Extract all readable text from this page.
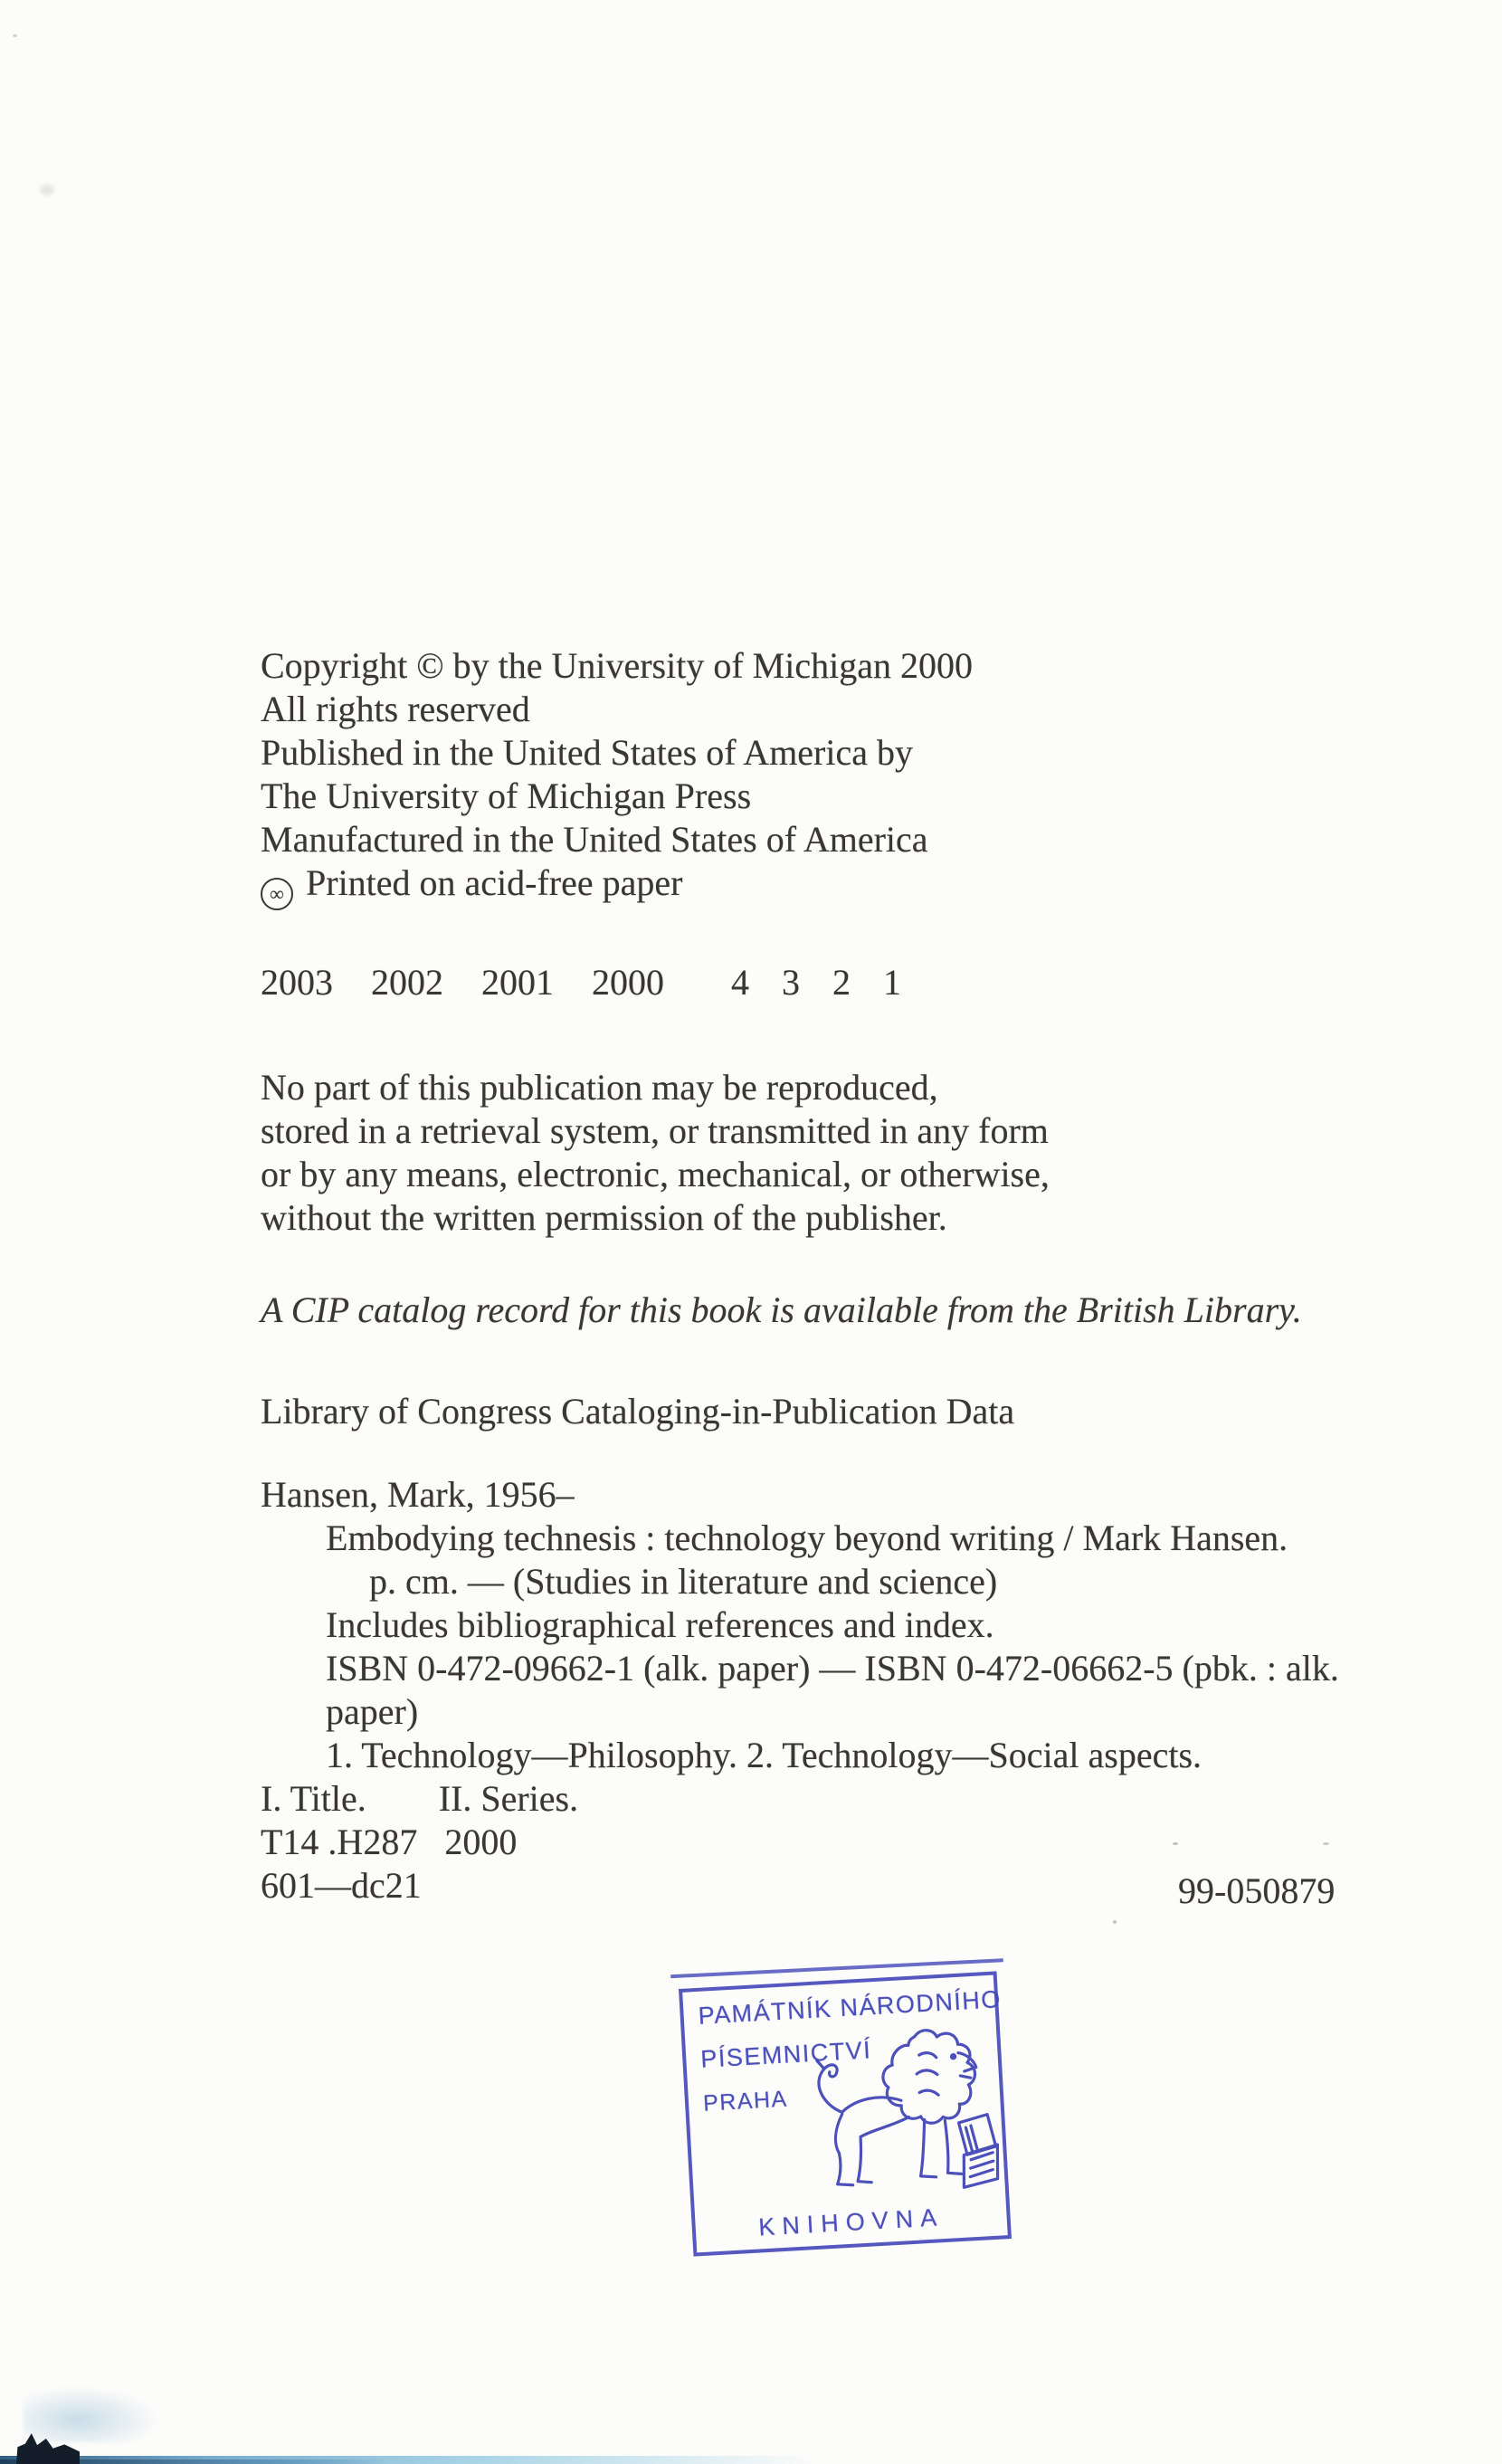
Copyright © by the University of Michigan 2000
All rights reserved
Published in the United States of America by
The University of Michigan Press
Manufactured in the United States of America
∞ Printed on acid-free paper
2003 2002 2001 2000 4 3 2 1
No part of this publication may be reproduced,
stored in a retrieval system, or transmitted in any form
or by any means, electronic, mechanical, or otherwise,
without the written permission of the publisher.
A CIP catalog record for this book is available from the British Library.
Library of Congress Cataloging-in-Publication Data
Hansen, Mark, 1956–
Embodying technesis : technology beyond writing / Mark Hansen.
p. cm. — (Studies in literature and science)
Includes bibliographical references and index.
ISBN 0-472-09662-1 (alk. paper) — ISBN 0-472-06662-5 (pbk. : alk.
paper)
1. Technology—Philosophy. 2. Technology—Social aspects.
I. Title.  II. Series.
T14 .H287  2000
601—dc21	99-050879
PAMÁTNÍK NÁRODNÍHO
PÍSEMNICTVÍ
PRAHA
KNIHOVNA
